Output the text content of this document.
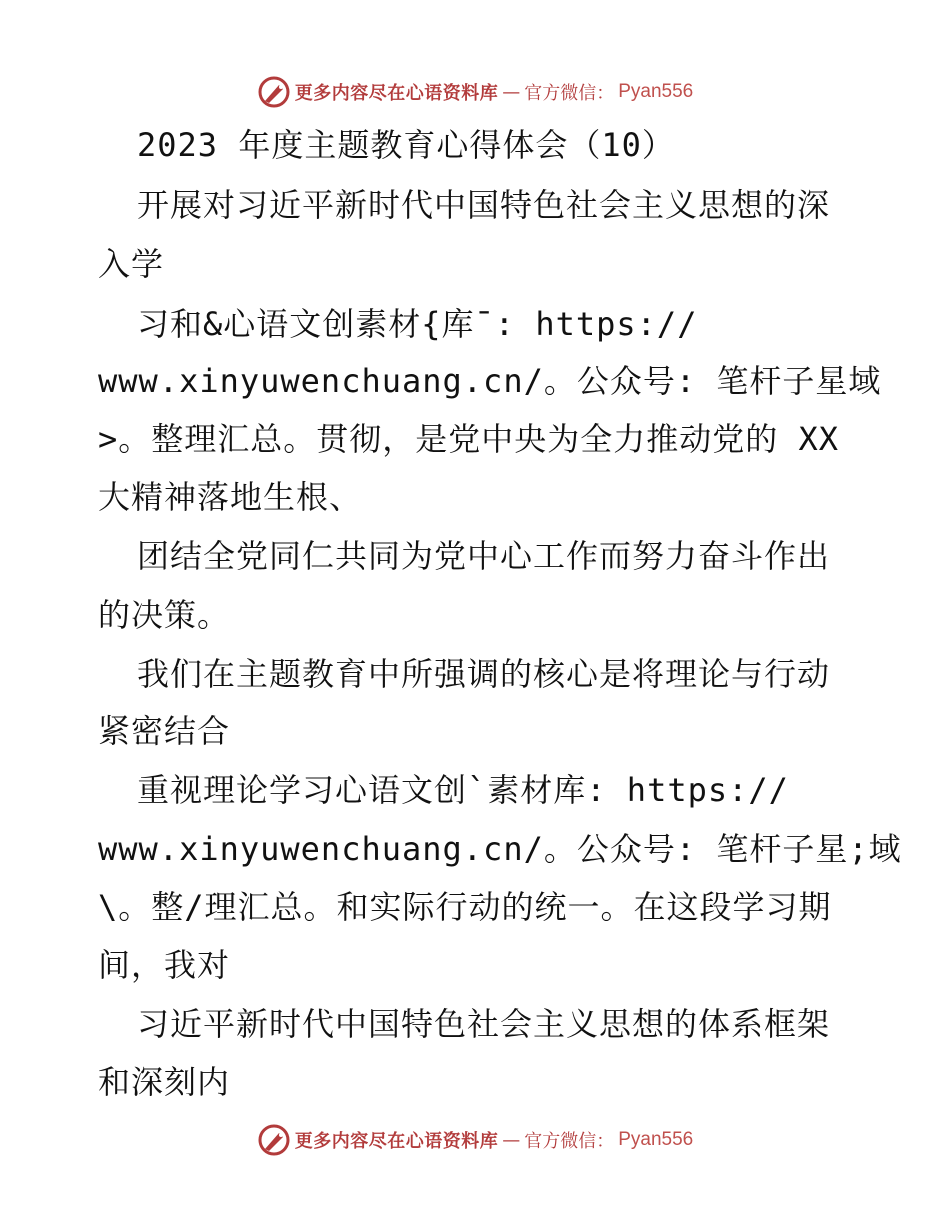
更多内容尽在心语资料库 — 官方微信： Pyan556
2023 年度主题教育心得体会（10）
开展对习近平新时代中国特色社会主义思想的深
入学
习和&心语文创素材{库¯: https://
www.xinyuwenchuang.cn/。公众号: 笔杆子星域
>。整理汇总。贯彻，是党中央为全力推动党的 XX
大精神落地生根、
团结全党同仁共同为党中心工作而努力奋斗作出
的决策。
我们在主题教育中所强调的核心是将理论与行动
紧密结合
重视理论学习心语文创`素材库: https://
www.xinyuwenchuang.cn/。公众号: 笔杆子星;域
\。整/理汇总。和实际行动的统一。在这段学习期
间，我对
习近平新时代中国特色社会主义思想的体系框架
和深刻内
更多内容尽在心语资料库 — 官方微信： Pyan556
